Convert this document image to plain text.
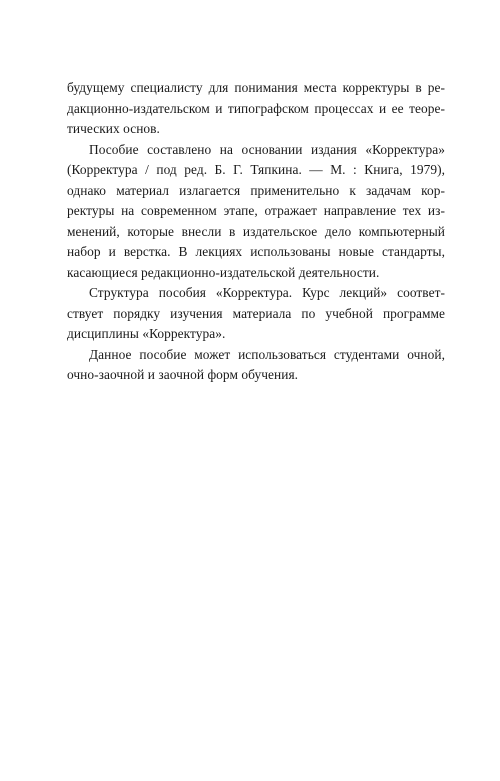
будущему специалисту для понимания места корректуры в ре-
дакционно-издательском и типографском процессах и ее теоре-
тических основ.
Пособие составлено на основании издания «Корректура»
(Корректура / под ред. Б. Г. Тяпкина. — М. : Книга, 1979),
однако материал излагается применительно к задачам кор-
ректуры на современном этапе, отражает направление тех из-
менений, которые внесли в издательское дело компьютерный
набор и верстка. В лекциях использованы новые стандарты,
касающиеся редакционно-издательской деятельности.
Структура пособия «Корректура. Курс лекций» соответ-
ствует порядку изучения материала по учебной программе
дисциплины «Корректура».
Данное пособие может использоваться студентами очной,
очно-заочной и заочной форм обучения.
